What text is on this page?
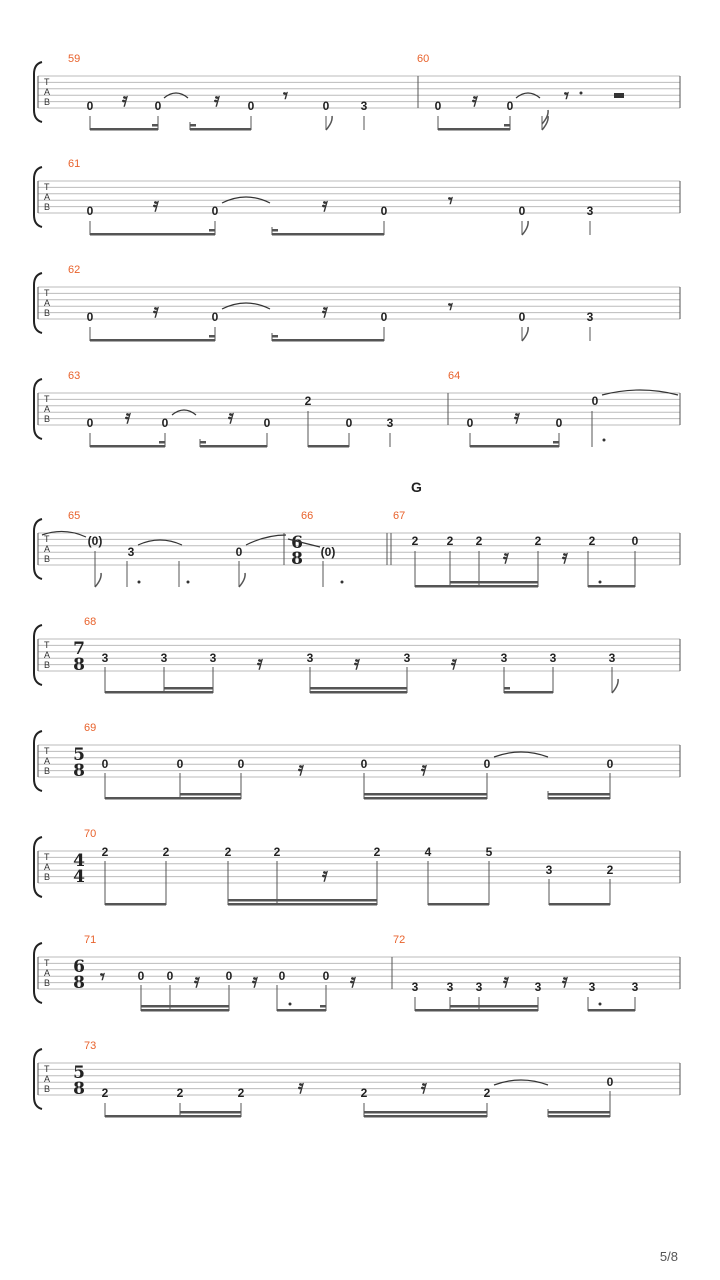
T
A
B
59	60
0	0	0	0	3	0	0
𝄿	𝄿	𝄾	𝄿	𝄾
T
A
B
61
0	0	0	0	3
𝄿	𝄿	𝄾
T
A
B
62
0	0	0	0	3
𝄿	𝄿	𝄾
T
A
B
63	64
0	0	0
2
0	3	0	0
0
𝄿	𝄿	𝄿
G
T
A
B
65	66	67
6
8
(0)
3	0	(0)
2 2 2	2	2	0
𝄿	𝄿
T
A
B
68
7
8 3	3	3	3	3	3	3	3
𝄿	𝄿	𝄿
T
A
B
69
5
8 0	0	0	0	0	0
𝄿	𝄿
T
A
B
70
4
4
2	2	2	2	2	4	5
3	2
𝄿
T
A
B
71	72
6
8	0 0	0	0	0
3 3 3	3	3	3
𝄾	𝄿	𝄿	𝄿	𝄿	𝄿
T
A
B
73
5
8 2	2	2	2	2
0
𝄿	𝄿
5/8
